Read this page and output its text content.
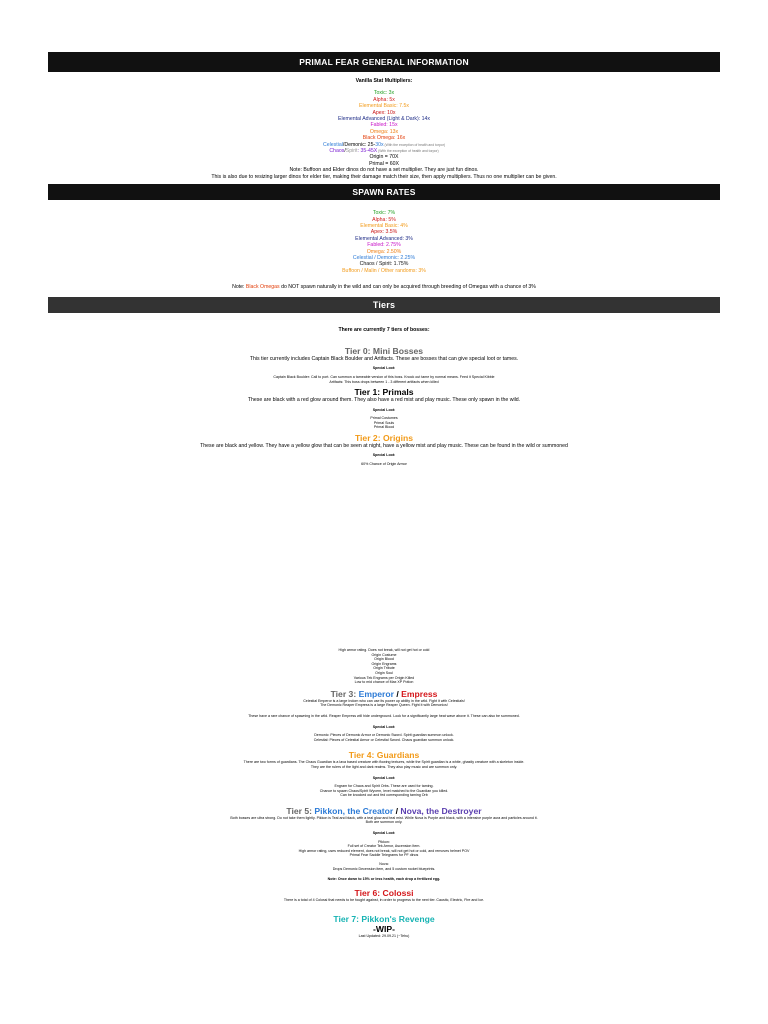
PRIMAL FEAR GENERAL INFORMATION
Vanilla Stat Multipliers:
Toxic: 3x
Alpha: 5x
Elemental Basic: 7.5x
Apex: 10x
Elemental Advanced (Light & Dark): 14x
Fabled: 15x
Omega: 13x
Black Omega: 16x
Celestial/Demonic: 25-30x (With the exception of health and torpor)
Chaos/Spirit: 35-45X (With the exception of health and torpor)
Origin = 70X
Primal = 60X
Note: Buffoon and Elder dinos do not have a set multiplier. They are just fun dinos.
This is also due to resizing larger dinos for elder tier, making their damage match their size, then apply multipliers. Thus no one multiplier can be given.
SPAWN RATES
Toxic: 7%
Alpha: 5%
Elemental Basic: 4%
Apex: 3.5%
Elemental Advanced: 3%
Fabled: 2.75%
Omega: 2.50%
Celestial / Demonic: 2.25%
Chaos / Spirit: 1.75%
Buffoon / Malin / Other randoms: 3%
Note: Black Omegas do NOT spawn naturally in the wild and can only be acquired through breeding of Omegas with a chance of 3%
Tiers
There are currently 7 tiers of bosses:
Tier 0: Mini Bosses
This tier currently includes Captain Black Boulder and Artifacts. These are bosses that can give special loot or tames.
Special Loot:
Captain Black Boulder: Call to port. Can summon a tameable version of this boss. Knock out tame by normal means. Feed it Special Kibble
Artifacts: This boss drops between 1 - 3 different artifacts when killed
Tier 1: Primals
These are black with a red glow around them. They also have a red mist and play music. These only spawn in the wild.
Special Loot:
Primal Costumes
Primal Souls
Primal Blood
Tier 2: Origins
These are black and yellow. They have a yellow glow that can be seen at night, have a yellow mist and play music. These can be found in the wild or summoned
Special Loot:
60% Chance of Origin Armor
High armor rating. Does not break, will not get hot or cold
Origin Costume
Origin Blood
Origin Engrams
Origin Tribute
Origin Soul
Various Tek Engrams per Origin Killed
Low to mid chance of Max XP Potion
Tier 3: Emperor / Empress
Celestial Emperor is a large Indom who can use its power up ability in the wild. Fight it with Celestials!
The Demonic Reaper Empress is a large Reaper Queen. Fight it with Demonics!
These have a rare chance of spawning in the wild. Reaper Empress will hide underground. Look for a significantly large heat wave above it. These can also be summoned.
Special Loot:
Demonic: Pieces of Demonic Armor or Demonic Sword. Spirit guardian summon unlock.
Celestial: Pieces of Celestial Armor or Celestial Sword. Chaos guardian summon unlock.
Tier 4: Guardians
There are two forms of guardians. The Chaos Guardian is a lava based creature with flowing textures, while the Spirit guardian is a white, ghastly creature with a skeleton inside.
They are the rulers of the light and dark realms. They also play music and are summon only.
Special Loot:
Engram for Chaos and Spirit Orbs. These are used for taming.
Chance to spawn Chaos/Spirit Wyvern, level matched to the Guardian you killed.
Can be knocked out and fed corresponding taming Orb
Tier 5: Pikkon, the Creator / Nova, the Destroyer
Both bosses are ultra strong. Do not take them lightly. Pikkon is Teal and black, with a teal glow and teal mist. While Nova is Purple and black, with a intensive purple aura and particles around it.
Both are summon only.
Special Loot:
Pikkon:
Full set of Creator Tek Armor, Ascension Item.
High armor rating, uses reduced element, does not break, will not get hot or cold, and removes helmet POV
Primal Fear Saddle Telegrams for PF dinos
Nova:
Drops Demonic Decension item, and 5 custom rocket blueprints.
Note: Once down to 15% or less health, each drop a fertilized egg.
Tier 6: Colossi
There is a total of 4 Colossi that needs to be fought against, in order to progress to the next tier. Caustic, Electric, Fire and Ice.
Tier 7: Pikkon's Revenge
-WIP-
Last Updated: 29.09.21 (~Tehu)
